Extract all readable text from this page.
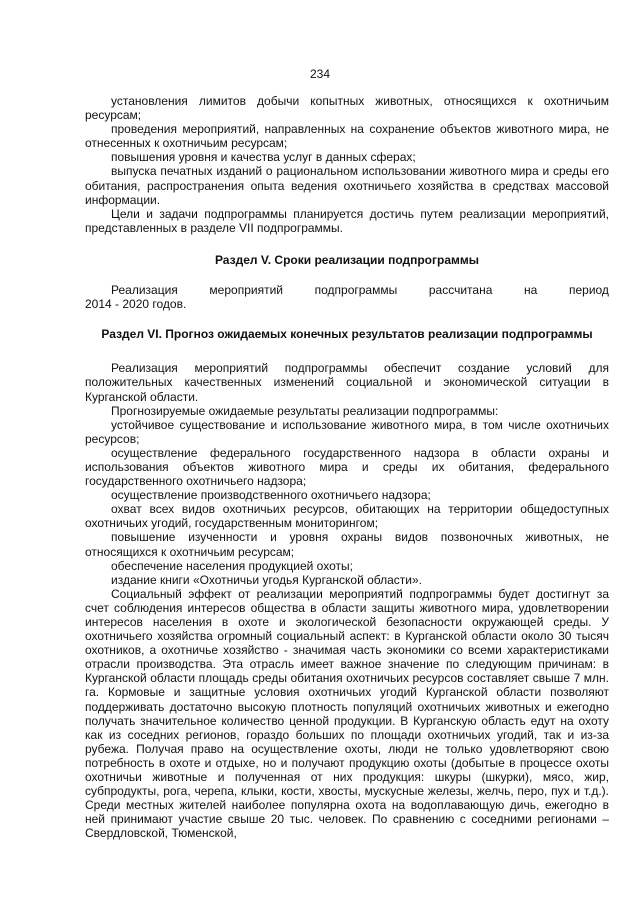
234

установления лимитов добычи копытных животных, относящихся к охотничьим ресурсам;

проведения мероприятий, направленных на сохранение объектов животного мира, не отнесенных к охотничьим ресурсам;

повышения уровня и качества услуг в данных сферах;

выпуска печатных изданий о рациональном использовании животного мира и среды его обитания, распространения опыта ведения охотничьего хозяйства в средствах массовой информации.

Цели и задачи подпрограммы планируется достичь путем реализации мероприятий, представленных в разделе VII подпрограммы.

Раздел V. Сроки реализации подпрограммы

Реализация	мероприятий	подпрограммы	рассчитана	на	период

2014 - 2020 годов.

Раздел VI. Прогноз ожидаемых конечных результатов реализации подпрограммы

Реализация мероприятий подпрограммы обеспечит создание условий для положительных качественных изменений социальной и экономической ситуации в Курганской области.

Прогнозируемые ожидаемые результаты реализации подпрограммы:

устойчивое существование и использование животного мира, в том числе охотничьих ресурсов;

осуществление федерального государственного надзора в области охраны и использования объектов животного мира и среды их обитания, федерального государственного охотничьего надзора;

осуществление производственного охотничьего надзора;

охват всех видов охотничьих ресурсов, обитающих на территории общедоступных охотничьих угодий, государственным мониторингом;

повышение изученности и уровня охраны видов позвоночных животных, не относящихся к охотничьим ресурсам;

обеспечение населения продукцией охоты;

издание книги «Охотничьи угодья Курганской области».

Социальный эффект от реализации мероприятий подпрограммы будет достигнут за счет соблюдения интересов общества в области защиты животного мира, удовлетворении интересов населения в охоте и экологической безопасности окружающей среды. У охотничьего хозяйства огромный социальный аспект: в Курганской области около 30 тысяч охотников, а охотничье хозяйство - значимая часть экономики со всеми характеристиками отрасли производства. Эта отрасль имеет важное значение по следующим причинам: в Курганской области площадь среды обитания охотничьих ресурсов составляет свыше 7 млн. га. Кормовые и защитные условия охотничьих угодий Курганской области позволяют поддерживать достаточно высокую плотность популяций охотничьих животных и ежегодно получать значительное количество ценной продукции. В Курганскую область едут на охоту как из соседних регионов, гораздо больших по площади охотничьих угодий, так и из-за рубежа. Получая право на осуществление охоты, люди не только удовлетворяют свою потребность в охоте и отдыхе, но и получают продукцию охоты (добытые в процессе охоты охотничьи животные и полученная от них продукция: шкуры (шкурки), мясо, жир, субпродукты, рога, черепа, клыки, кости, хвосты, мускусные железы, желчь, перо, пух и т.д.). Среди местных жителей наиболее популярна охота на водоплавающую дичь, ежегодно в ней принимают участие свыше 20 тыс. человек. По сравнению с соседними регионами – Свердловской, Тюменской,
